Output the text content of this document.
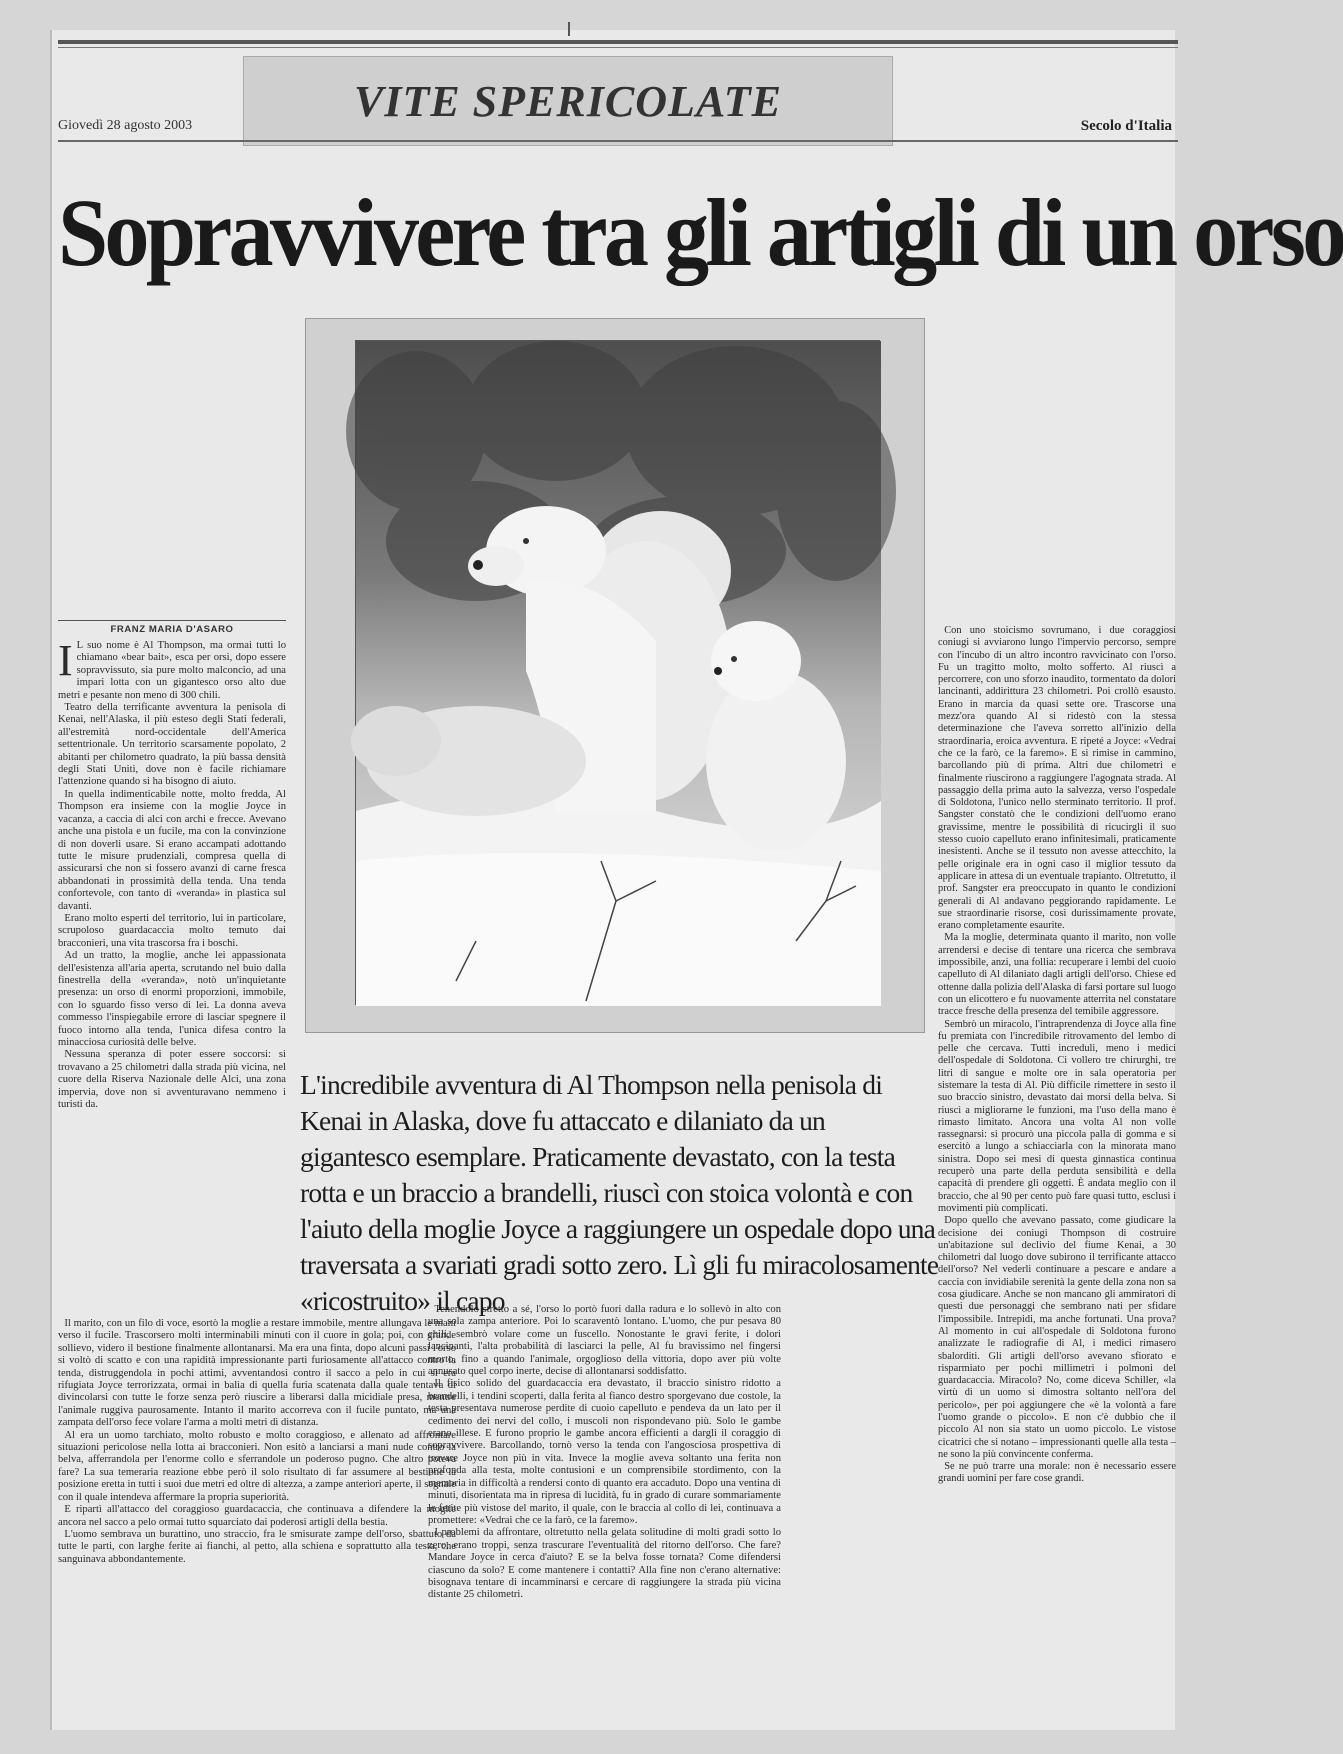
VITE SPERICOLATE
Giovedì 28 agosto 2003	Secolo d'Italia
Sopravvivere tra gli artigli di un orso
FRANZ MARIA D'ASARO
I L suo nome è Al Thompson, ma ormai tutti lo chiamano «bear bait», esca per orsi, dopo essere sopravvissuto, sia pure molto malconcio, ad una impari lotta con un gigantesco orso alto due metri e pesante non meno di 300 chili.

Teatro della terrificante avventura la penisola di Kenai, nell'Alaska, il più esteso degli Stati federali, all'estremità nord-occidentale dell'America settentrionale. Un territorio scarsamente popolato, 2 abitanti per chilometro quadrato, la più bassa densità degli Stati Uniti, dove non è facile richiamare l'attenzione quando si ha bisogno di aiuto.

In quella indimenticabile notte, molto fredda, Al Thompson era insieme con la moglie Joyce in vacanza, a caccia di alci con archi e frecce. Avevano anche una pistola e un fucile, ma con la convinzione di non doverli usare. Si erano accampati adottando tutte le misure prudenziali, compresa quella di assicurarsi che non si fossero avanzi di carne fresca abbandonati in prossimità della tenda. Una tenda confortevole, con tanto di «veranda» in plastica sul davanti.

Erano molto esperti del territorio, lui in particolare, scrupoloso guardacaccia molto temuto dai bracconieri, una vita trascorsa fra i boschi.

Ad un tratto, la moglie, anche lei appassionata dell'esistenza all'aria aperta, scrutando nel buio dalla finestrella della «veranda», notò un'inquietante presenza: un orso di enormi proporzioni, immobile, con lo sguardo fisso verso di lei. La donna aveva commesso l'inspiegabile errore di lasciar spegnere il fuoco intorno alla tenda, l'unica difesa contro la minacciosa curiosità delle belve.

Nessuna speranza di poter essere soccorsi: si trovavano a 25 chilometri dalla strada più vicina, nel cuore della Riserva Nazionale delle Alci, una zona impervia, dove non si avventuravano nemmeno i turisti da.

L'incredibile avventura di Al Thompson nella penisola di Kenai in Alaska, dove fu attaccato e dilaniato da un gigantesco esemplare. Praticamente devastato, con la testa rotta e un braccio a brandelli, riuscì con stoica volontà e con l'aiuto della moglie Joyce a raggiungere un ospedale dopo una traversata a svariati gradi sotto zero. Lì gli fu miracolosamente «ricostruito» il capo

Il marito, con un filo di voce, esortò la moglie a restare immobile, mentre allungava le mani verso il fucile. Trascorsero molti interminabili minuti con il cuore in gola; poi, con grande sollievo, videro il bestione finalmente allontanarsi. Ma era una finta, dopo alcuni passi l'orso si voltò di scatto e con una rapidità impressionante partì furiosamente all'attacco contro la tenda, distruggendola in pochi attimi, avventandosi contro il sacco a pelo in cui si era rifugiata Joyce terrorizzata, ormai in balìa di quella furia scatenata dalla quale tentava di divincolarsi con tutte le forze senza però riuscire a liberarsi dalla micidiale presa, mentre l'animale ruggiva paurosamente. Intanto il marito accorreva con il fucile puntato, ma una zampata dell'orso fece volare l'arma a molti metri di distanza.

Al era un uomo tarchiato, molto robusto e molto coraggioso, e allenato ad affrontare situazioni pericolose nella lotta ai bracconieri. Non esitò a lanciarsi a mani nude contro la belva, afferrandola per l'enorme collo e sferrandole un poderoso pugno. Che altro poteva fare? La sua temeraria reazione ebbe però il solo risultato di far assumere al bestione la posizione eretta in tutti i suoi due metri ed oltre di altezza, a zampe anteriori aperte, il segnale con il quale intendeva affermare la propria superiorità.

E ripartì all'attacco del coraggioso guardacaccia, che continuava a difendere la moglie ancora nel sacco a pelo ormai tutto squarciato dai poderosi artigli della bestia.

L'uomo sembrava un burattino, uno straccio, fra le smisurate zampe dell'orso, sbattuto da tutte le parti, con larghe ferite ai fianchi, al petto, alla schiena e soprattutto alla testa, che sanguinava abbondantemente.

Tenendolo stretto a sé, l'orso lo portò fuori dalla radura e lo sollevò in alto con una sola zampa anteriore. Poi lo scaraventò lontano. L'uomo, che pur pesava 80 chili, sembrò volare come un fuscello. Nonostante le gravi ferite, i dolori lancinanti, l'alta probabilità di lasciarci la pelle, Al fu bravissimo nel fingersi morto, fino a quando l'animale, orgoglioso della vittoria, dopo aver più volte annusato quel corpo inerte, decise di allontanarsi soddisfatto.

Il fisico solido del guardacaccia era devastato, il braccio sinistro ridotto a brandelli, i tendini scoperti, dalla ferita al fianco destro sporgevano due costole, la testa presentava numerose perdite di cuoio capelluto e pendeva da un lato per il cedimento dei nervi del collo, i muscoli non rispondevano più. Solo le gambe erano illese. E furono proprio le gambe ancora efficienti a dargli il coraggio di sopravvivere. Barcollando, tornò verso la tenda con l'angosciosa prospettiva di trovare Joyce non più in vita. Invece la moglie aveva soltanto una ferita non profonda alla testa, molte contusioni e un comprensibile stordimento, con la memoria in difficoltà a rendersi conto di quanto era accaduto. Dopo una ventina di minuti, disorientata ma in ripresa di lucidità, fu in grado di curare sommariamente le ferite più vistose del marito, il quale, con le braccia al collo di lei, continuava a promettere: «Vedrai che ce la farò, ce la faremo».

I problemi da affrontare, oltretutto nella gelata solitudine di molti gradi sotto lo zero, erano troppi, senza trascurare l'eventualità del ritorno dell'orso. Che fare? Mandare Joyce in cerca d'aiuto? E se la belva fosse tornata? Come difendersi ciascuno da solo? E come mantenere i contatti? Alla fine non c'erano alternative: bisognava tentare di incamminarsi e cercare di raggiungere la strada più vicina distante 25 chilometri.

Con uno stoicismo sovrumano, i due coraggiosi coniugi si avviarono lungo l'impervio percorso, sempre con l'incubo di un altro incontro ravvicinato con l'orso. Fu un tragitto molto, molto sofferto. Al riuscì a percorrere, con uno sforzo inaudito, tormentato da dolori lancinanti, addirittura 23 chilometri. Poi crollò esausto. Erano in marcia da quasi sette ore. Trascorse una mezz'ora quando Al si ridestò con la stessa determinazione che l'aveva sorretto all'inizio della straordinaria, eroica avventura. E ripeté a Joyce: «Vedrai che ce la farò, ce la faremo». E si rimise in cammino, barcollando più di prima. Altri due chilometri e finalmente riuscirono a raggiungere l'agognata strada. Al passaggio della prima auto la salvezza, verso l'ospedale di Soldotona, l'unico nello sterminato territorio. Il prof. Sangster constatò che le condizioni dell'uomo erano gravissime, mentre le possibilità di ricucirgli il suo stesso cuoio capelluto erano infinitesimali, praticamente inesistenti. Anche se il tessuto non avesse attecchito, la pelle originale era in ogni caso il miglior tessuto da applicare in attesa di un eventuale trapianto. Oltretutto, il prof. Sangster era preoccupato in quanto le condizioni generali di Al andavano peggiorando rapidamente. Le sue straordinarie risorse, così durissimamente provate, erano completamente esaurite.

Ma la moglie, determinata quanto il marito, non volle arrendersi e decise di tentare una ricerca che sembrava impossibile, anzi, una follia: recuperare i lembi del cuoio capelluto di Al dilaniato dagli artigli dell'orso. Chiese ed ottenne dalla polizia dell'Alaska di farsi portare sul luogo con un elicottero e fu nuovamente atterrita nel constatare tracce fresche della presenza del temibile aggressore.

Sembrò un miracolo, l'intraprendenza di Joyce alla fine fu premiata con l'incredibile ritrovamento del lembo di pelle che cercava. Tutti increduli, meno i medici dell'ospedale di Soldotona. Ci vollero tre chirurghi, tre litri di sangue e molte ore in sala operatoria per sistemare la testa di Al. Più difficile rimettere in sesto il suo braccio sinistro, devastato dai morsi della belva. Si riuscì a migliorarne le funzioni, ma l'uso della mano è rimasto limitato. Ancora una volta Al non volle rassegnarsi: si procurò una piccola palla di gomma e si esercitò a lungo a schiacciarla con la minorata mano sinistra. Dopo sei mesi di questa ginnastica continua recuperò una parte della perduta sensibilità e della capacità di prendere gli oggetti. È andata meglio con il braccio, che al 90 per cento può fare quasi tutto, esclusi i movimenti più complicati.

Dopo quello che avevano passato, come giudicare la decisione dei coniugi Thompson di costruire un'abitazione sul declivio del fiume Kenai, a 30 chilometri dal luogo dove subirono il terrificante attacco dell'orso? Nel vederli continuare a pescare e andare a caccia con invidiabile serenità la gente della zona non sa cosa giudicare. Anche se non mancano gli ammiratori di questi due personaggi che sembrano nati per sfidare l'impossibile. Intrepidi, ma anche fortunati. Una prova? Al momento in cui all'ospedale di Soldotona furono analizzate le radiografie di Al, i medici rimasero sbalorditi. Gli artigli dell'orso avevano sfiorato e risparmiato per pochi millimetri i polmoni del guardacaccia. Miracolo? No, come diceva Schiller, «la virtù di un uomo si dimostra soltanto nell'ora del pericolo», per poi aggiungere che «è la volontà a fare l'uomo grande o piccolo». E non c'è dubbio che il piccolo Al non sia stato un uomo piccolo. Le vistose cicatrici che si notano – impressionanti quelle alla testa – ne sono la più convincente conferma.

Se ne può trarre una morale: non è necessario essere grandi uomini per fare cose grandi.
